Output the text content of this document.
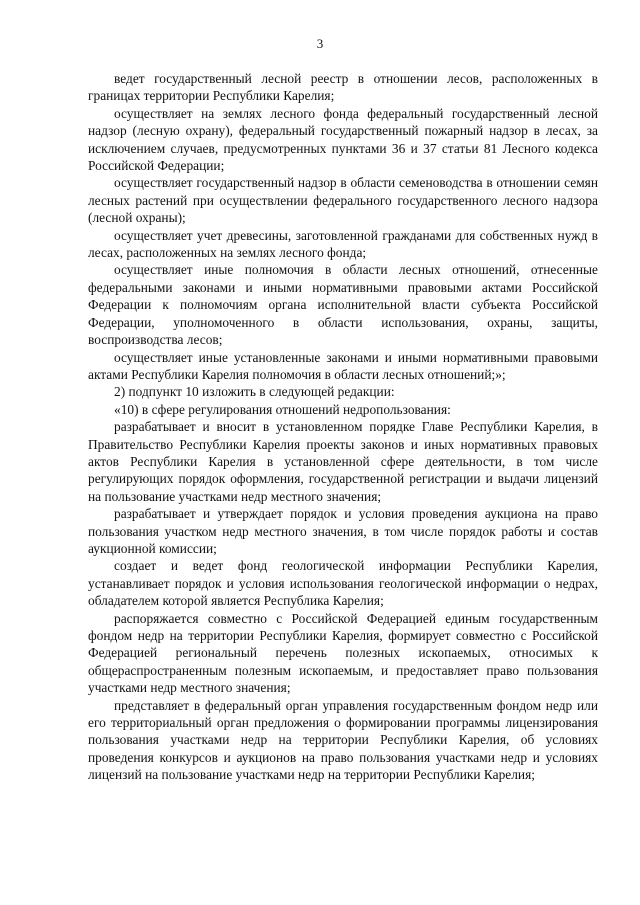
3

ведет государственный лесной реестр в отношении лесов, расположенных в границах территории Республики Карелия;

осуществляет на землях лесного фонда федеральный государственный лесной надзор (лесную охрану), федеральный государственный пожарный надзор в лесах, за исключением случаев, предусмотренных пунктами 36 и 37 статьи 81 Лесного кодекса Российской Федерации;

осуществляет государственный надзор в области семеноводства в отношении семян лесных растений при осуществлении федерального государственного лесного надзора (лесной охраны);

осуществляет учет древесины, заготовленной гражданами для собственных нужд в лесах, расположенных на землях лесного фонда;

осуществляет иные полномочия в области лесных отношений, отнесенные федеральными законами и иными нормативными правовыми актами Российской Федерации к полномочиям органа исполнительной власти субъекта Российской Федерации, уполномоченного в области использования, охраны, защиты, воспроизводства лесов;

осуществляет иные установленные законами и иными нормативными правовыми актами Республики Карелия полномочия в области лесных отношений;»;

2) подпункт 10 изложить в следующей редакции:

«10) в сфере регулирования отношений недропользования:

разрабатывает и вносит в установленном порядке Главе Республики Карелия, в Правительство Республики Карелия проекты законов и иных нормативных правовых актов Республики Карелия в установленной сфере деятельности, в том числе регулирующих порядок оформления, государственной регистрации и выдачи лицензий на пользование участками недр местного значения;

разрабатывает и утверждает порядок и условия проведения аукциона на право пользования участком недр местного значения, в том числе порядок работы и состав аукционной комиссии;

создает и ведет фонд геологической информации Республики Карелия, устанавливает порядок и условия использования геологической информации о недрах, обладателем которой является Республика Карелия;

распоряжается совместно с Российской Федерацией единым государственным фондом недр на территории Республики Карелия, формирует совместно с Российской Федерацией региональный перечень полезных ископаемых, относимых к общераспространенным полезным ископаемым, и предоставляет право пользования участками недр местного значения;

представляет в федеральный орган управления государственным фондом недр или его территориальный орган предложения о формировании программы лицензирования пользования участками недр на территории Республики Карелия, об условиях проведения конкурсов и аукционов на право пользования участками недр и условиях лицензий на пользование участками недр на территории Республики Карелия;
